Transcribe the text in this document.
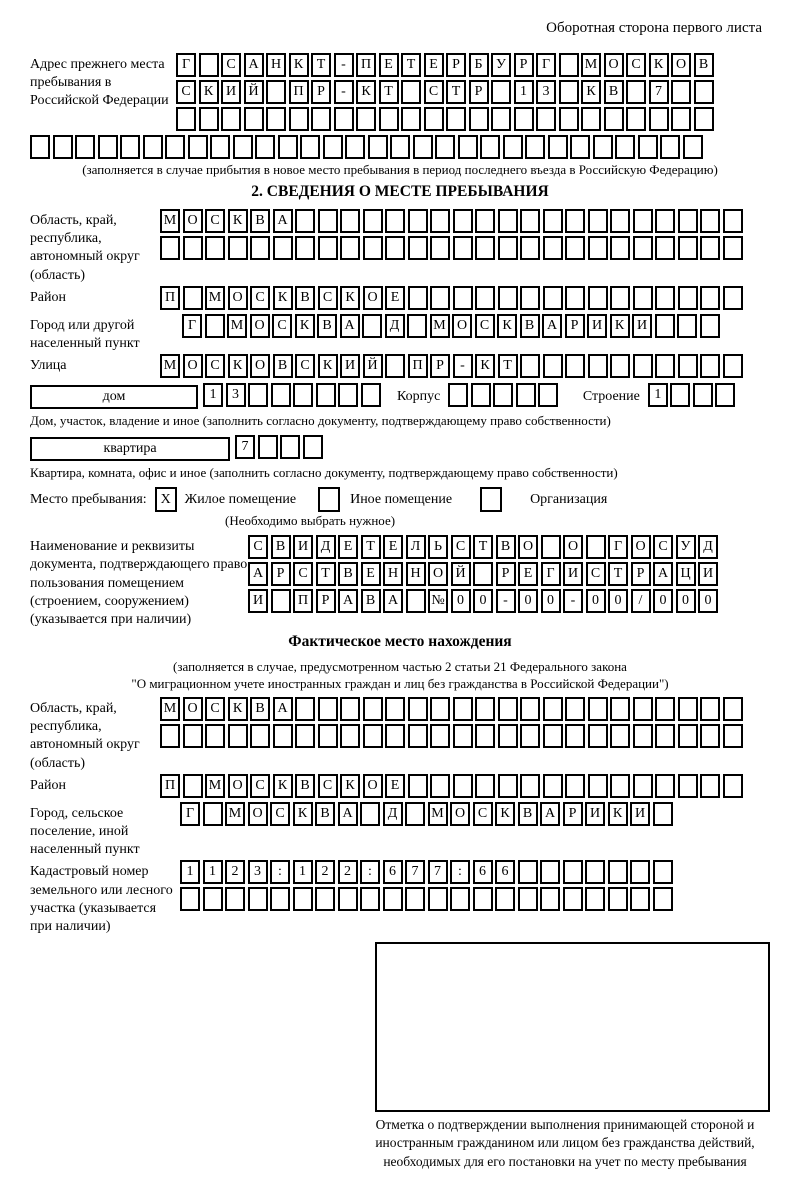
Оборотная сторона первого листа
Адрес прежнего места пребывания в Российской Федерации
Г	С А Н К Т	-	П Е Т Е	Р	Б У Р	Г	М О С К О В
С К И Й	П Р	-	К Т	С Т	Р	1	3	К В	7
(заполняется в случае прибытия в новое место пребывания в период последнего въезда в Российскую Федерацию)
2. СВЕДЕНИЯ О МЕСТЕ ПРЕБЫВАНИЯ
Область, край, республика, автономный округ (область)
М О С К В А
Район	П	М О С К В С К О Е
Город или другой населенный пункт
Г	М О С К В А	Д	М О С К В А Р И К И
Улица	М О С К О В С К И Й	П Р	-	К Т
дом	1	3	Корпус	Строение	1
Дом, участок, владение и иное (заполнить согласно документу, подтверждающему право собственности)
квартира	7
Квартира, комната, офис и иное (заполнить согласно документу, подтверждающему право собственности)
Место пребывания: X Жилое помещение	Иное помещение	Организация
(Необходимо выбрать нужное)
Наименование и реквизиты документа, подтверждающего право пользования помещением (строением, сооружением) (указывается при наличии)
С В И Д Е Т Е Л Ь С Т В О	О	Г О С У Д
А Р С Т В Е Н Н О Й	Р	Е	Г И С Т	Р А Ц И
И	П Р А В А	№ 0	0	-	0	0	-	0	0	/	0	0	0
Фактическое место нахождения
(заполняется в случае, предусмотренном частью 2 статьи 21 Федерального закона
"О миграционном учете иностранных граждан и лиц без гражданства в Российской Федерации")
Область, край, республика, автономный округ (область)
М О С К В А
Район	П	М О С К В С К О Е
Город, сельское поселение, иной населенный пункт
Г	М О С К В А	Д	М О С К В А Р И К И
Кадастровый номер земельного или лесного участка (указывается при наличии)
1	1	2	3	:	1	2	2	:	6	7	7	:	6	6
Отметка о подтверждении выполнения принимающей стороной и иностранным гражданином или лицом без гражданства действий, необходимых для его постановки на учет по месту пребывания
